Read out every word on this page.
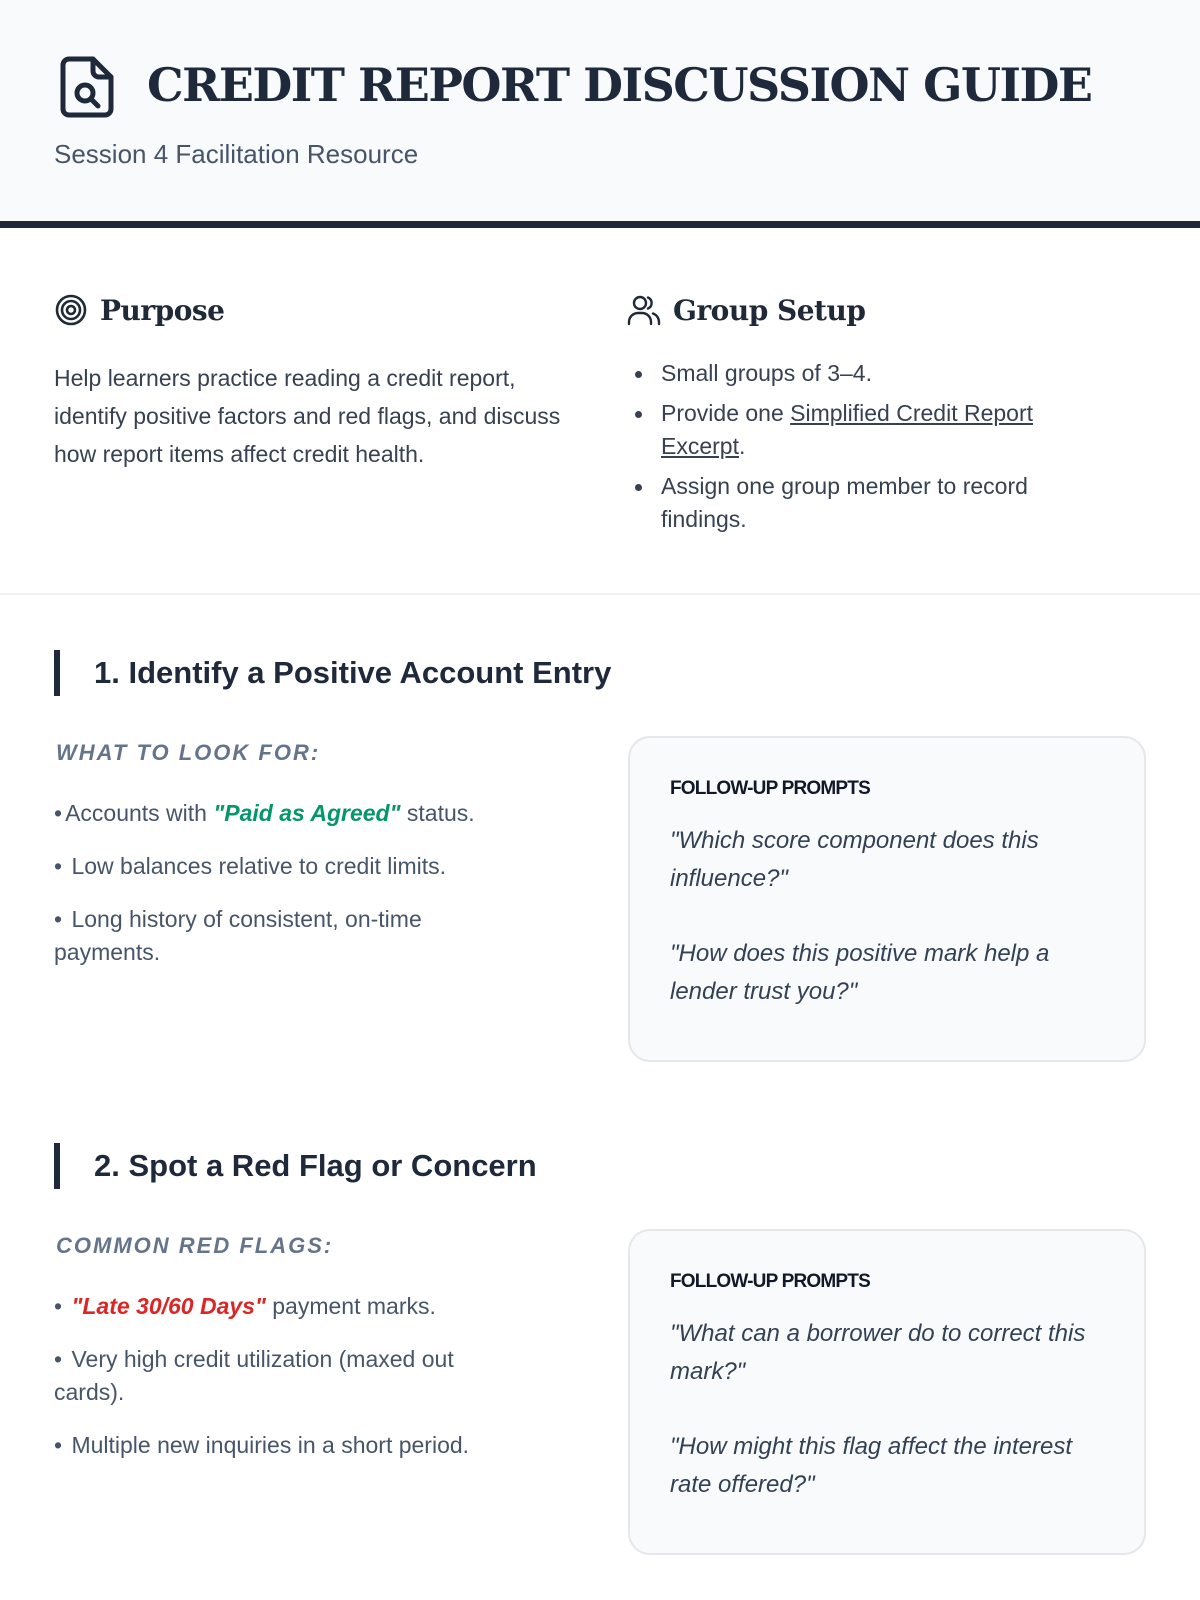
CREDIT REPORT DISCUSSION GUIDE
Session 4 Facilitation Resource
Purpose

Help learners practice reading a credit report, identify positive factors and red flags, and discuss how report items affect credit health.

Group Setup
Small groups of 3–4.
Provide one Simplified Credit Report Excerpt.
Assign one group member to record findings.
1. Identify a Positive Account Entry
WHAT TO LOOK FOR:
• Accounts with "Paid as Agreed" status.
• Low balances relative to credit limits.
• Long history of consistent, on-time payments.
FOLLOW-UP PROMPTS

"Which score component does this influence?"

"How does this positive mark help a lender trust you?"

2. Spot a Red Flag or Concern
COMMON RED FLAGS:
• "Late 30/60 Days" payment marks.
• Very high credit utilization (maxed out cards).
• Multiple new inquiries in a short period.
FOLLOW-UP PROMPTS

"What can a borrower do to correct this mark?"

"How might this flag affect the interest rate offered?"
